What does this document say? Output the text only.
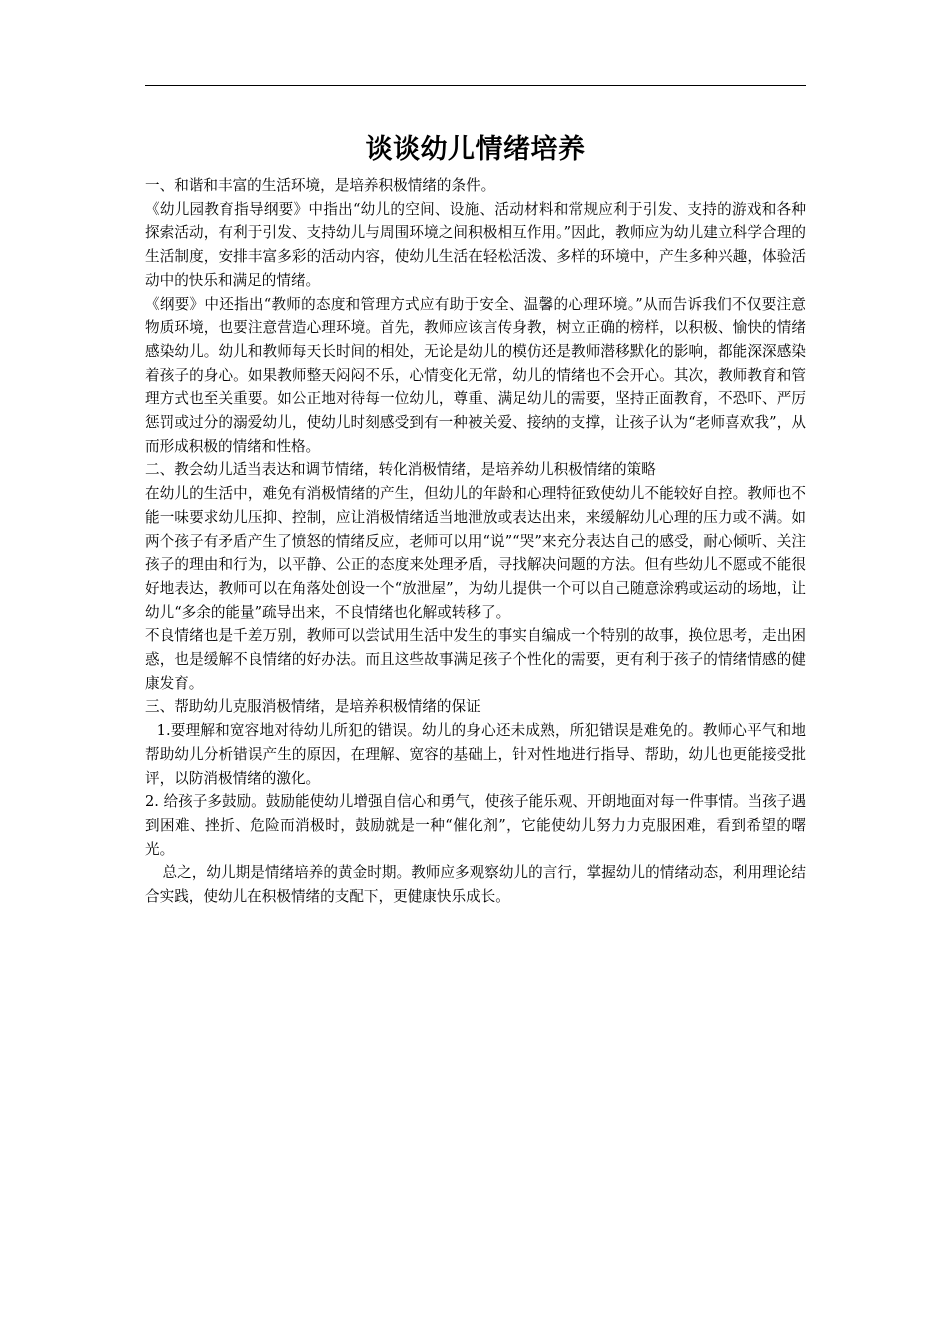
谈谈幼儿情绪培养

一、和谐和丰富的生活环境，是培养积极情绪的条件。

《幼儿园教育指导纲要》中指出“幼儿的空间、设施、活动材料和常规应利于引发、支持的游戏和各种探索活动，有利于引发、支持幼儿与周围环境之间积极相互作用。”因此，教师应为幼儿建立科学合理的生活制度，安排丰富多彩的活动内容，使幼儿生活在轻松活泼、多样的环境中，产生多种兴趣，体验活动中的快乐和满足的情绪。

《纲要》中还指出“教师的态度和管理方式应有助于安全、温馨的心理环境。”从而告诉我们不仅要注意物质环境，也要注意营造心理环境。首先，教师应该言传身教，树立正确的榜样，以积极、愉快的情绪感染幼儿。幼儿和教师每天长时间的相处，无论是幼儿的模仿还是教师潜移默化的影响，都能深深感染着孩子的身心。如果教师整天闷闷不乐，心情变化无常，幼儿的情绪也不会开心。其次，教师教育和管理方式也至关重要。如公正地对待每一位幼儿，尊重、满足幼儿的需要，坚持正面教育，不恐吓、严厉惩罚或过分的溺爱幼儿，使幼儿时刻感受到有一种被关爱、接纳的支撑，让孩子认为“老师喜欢我”，从而形成积极的情绪和性格。

二、教会幼儿适当表达和调节情绪，转化消极情绪，是培养幼儿积极情绪的策略　

在幼儿的生活中，难免有消极情绪的产生，但幼儿的年龄和心理特征致使幼儿不能较好自控。教师也不能一味要求幼儿压抑、控制，应让消极情绪适当地泄放或表达出来，来缓解幼儿心理的压力或不满。如两个孩子有矛盾产生了愤怒的情绪反应，老师可以用“说”“哭”来充分表达自己的感受，耐心倾听、关注孩子的理由和行为，以平静、公正的态度来处理矛盾，寻找解决问题的方法。但有些幼儿不愿或不能很好地表达，教师可以在角落处创设一个“放泄屋”，为幼儿提供一个可以自己随意涂鸦或运动的场地，让幼儿“多余的能量”疏导出来，不良情绪也化解或转移了。

不良情绪也是千差万别，教师可以尝试用生活中发生的事实自编成一个特别的故事，换位思考，走出困惑，也是缓解不良情绪的好办法。而且这些故事满足孩子个性化的需要，更有利于孩子的情绪情感的健康发育。

三、帮助幼儿克服消极情绪，是培养积极情绪的保证

1.要理解和宽容地对待幼儿所犯的错误。幼儿的身心还未成熟，所犯错误是难免的。教师心平气和地帮助幼儿分析错误产生的原因，在理解、宽容的基础上，针对性地进行指导、帮助，幼儿也更能接受批评，以防消极情绪的激化。

2. 给孩子多鼓励。鼓励能使幼儿增强自信心和勇气，使孩子能乐观、开朗地面对每一件事情。当孩子遇到困难、挫折、危险而消极时，鼓励就是一种“催化剂”，它能使幼儿努力力克服困难，看到希望的曙光。

总之，幼儿期是情绪培养的黄金时期。教师应多观察幼儿的言行，掌握幼儿的情绪动态，利用理论结合实践，使幼儿在积极情绪的支配下，更健康快乐成长。
